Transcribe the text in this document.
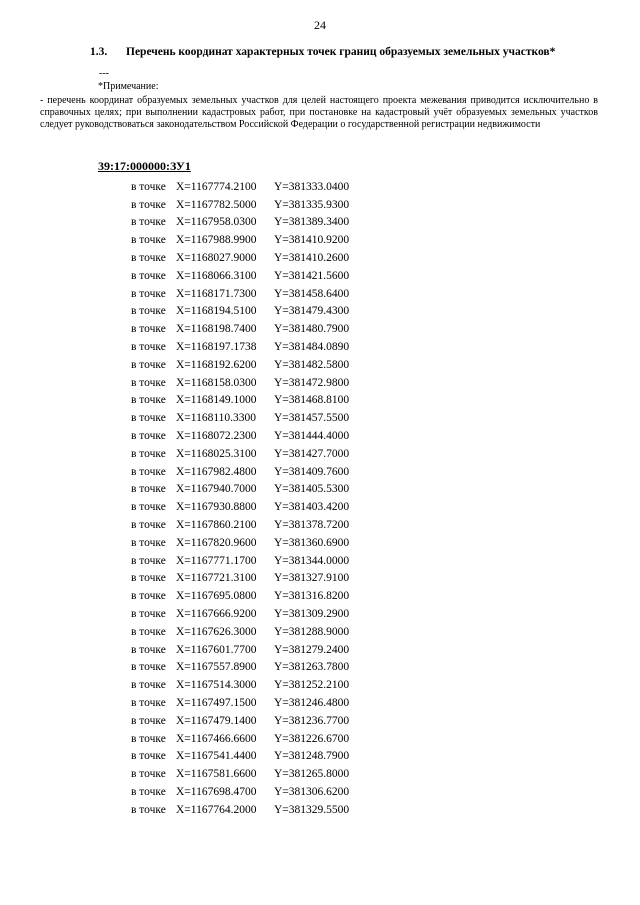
24
1.3. Перечень координат характерных точек границ образуемых земельных участков*
---
*Примечание:
- перечень координат образуемых земельных участков для целей настоящего проекта межевания приводится исключительно в справочных целях; при выполнении кадастровых работ, при постановке на кадастровый учёт образуемых земельных участков следует руководствоваться законодательством Российской Федерации о государственной регистрации недвижимости
39:17:000000:ЗУ1
в точке X=1167774.2100	Y=381333.0400
в точке X=1167782.5000	Y=381335.9300
в точке X=1167958.0300	Y=381389.3400
в точке X=1167988.9900	Y=381410.9200
в точке X=1168027.9000	Y=381410.2600
в точке X=1168066.3100	Y=381421.5600
в точке X=1168171.7300	Y=381458.6400
в точке X=1168194.5100	Y=381479.4300
в точке X=1168198.7400	Y=381480.7900
в точке X=1168197.1738	Y=381484.0890
в точке X=1168192.6200	Y=381482.5800
в точке X=1168158.0300	Y=381472.9800
в точке X=1168149.1000	Y=381468.8100
в точке X=1168110.3300	Y=381457.5500
в точке X=1168072.2300	Y=381444.4000
в точке X=1168025.3100	Y=381427.7000
в точке X=1167982.4800	Y=381409.7600
в точке X=1167940.7000	Y=381405.5300
в точке X=1167930.8800	Y=381403.4200
в точке X=1167860.2100	Y=381378.7200
в точке X=1167820.9600	Y=381360.6900
в точке X=1167771.1700	Y=381344.0000
в точке X=1167721.3100	Y=381327.9100
в точке X=1167695.0800	Y=381316.8200
в точке X=1167666.9200	Y=381309.2900
в точке X=1167626.3000	Y=381288.9000
в точке X=1167601.7700	Y=381279.2400
в точке X=1167557.8900	Y=381263.7800
в точке X=1167514.3000	Y=381252.2100
в точке X=1167497.1500	Y=381246.4800
в точке X=1167479.1400	Y=381236.7700
в точке X=1167466.6600	Y=381226.6700
в точке X=1167541.4400	Y=381248.7900
в точке X=1167581.6600	Y=381265.8000
в точке X=1167698.4700	Y=381306.6200
в точке X=1167764.2000	Y=381329.5500
